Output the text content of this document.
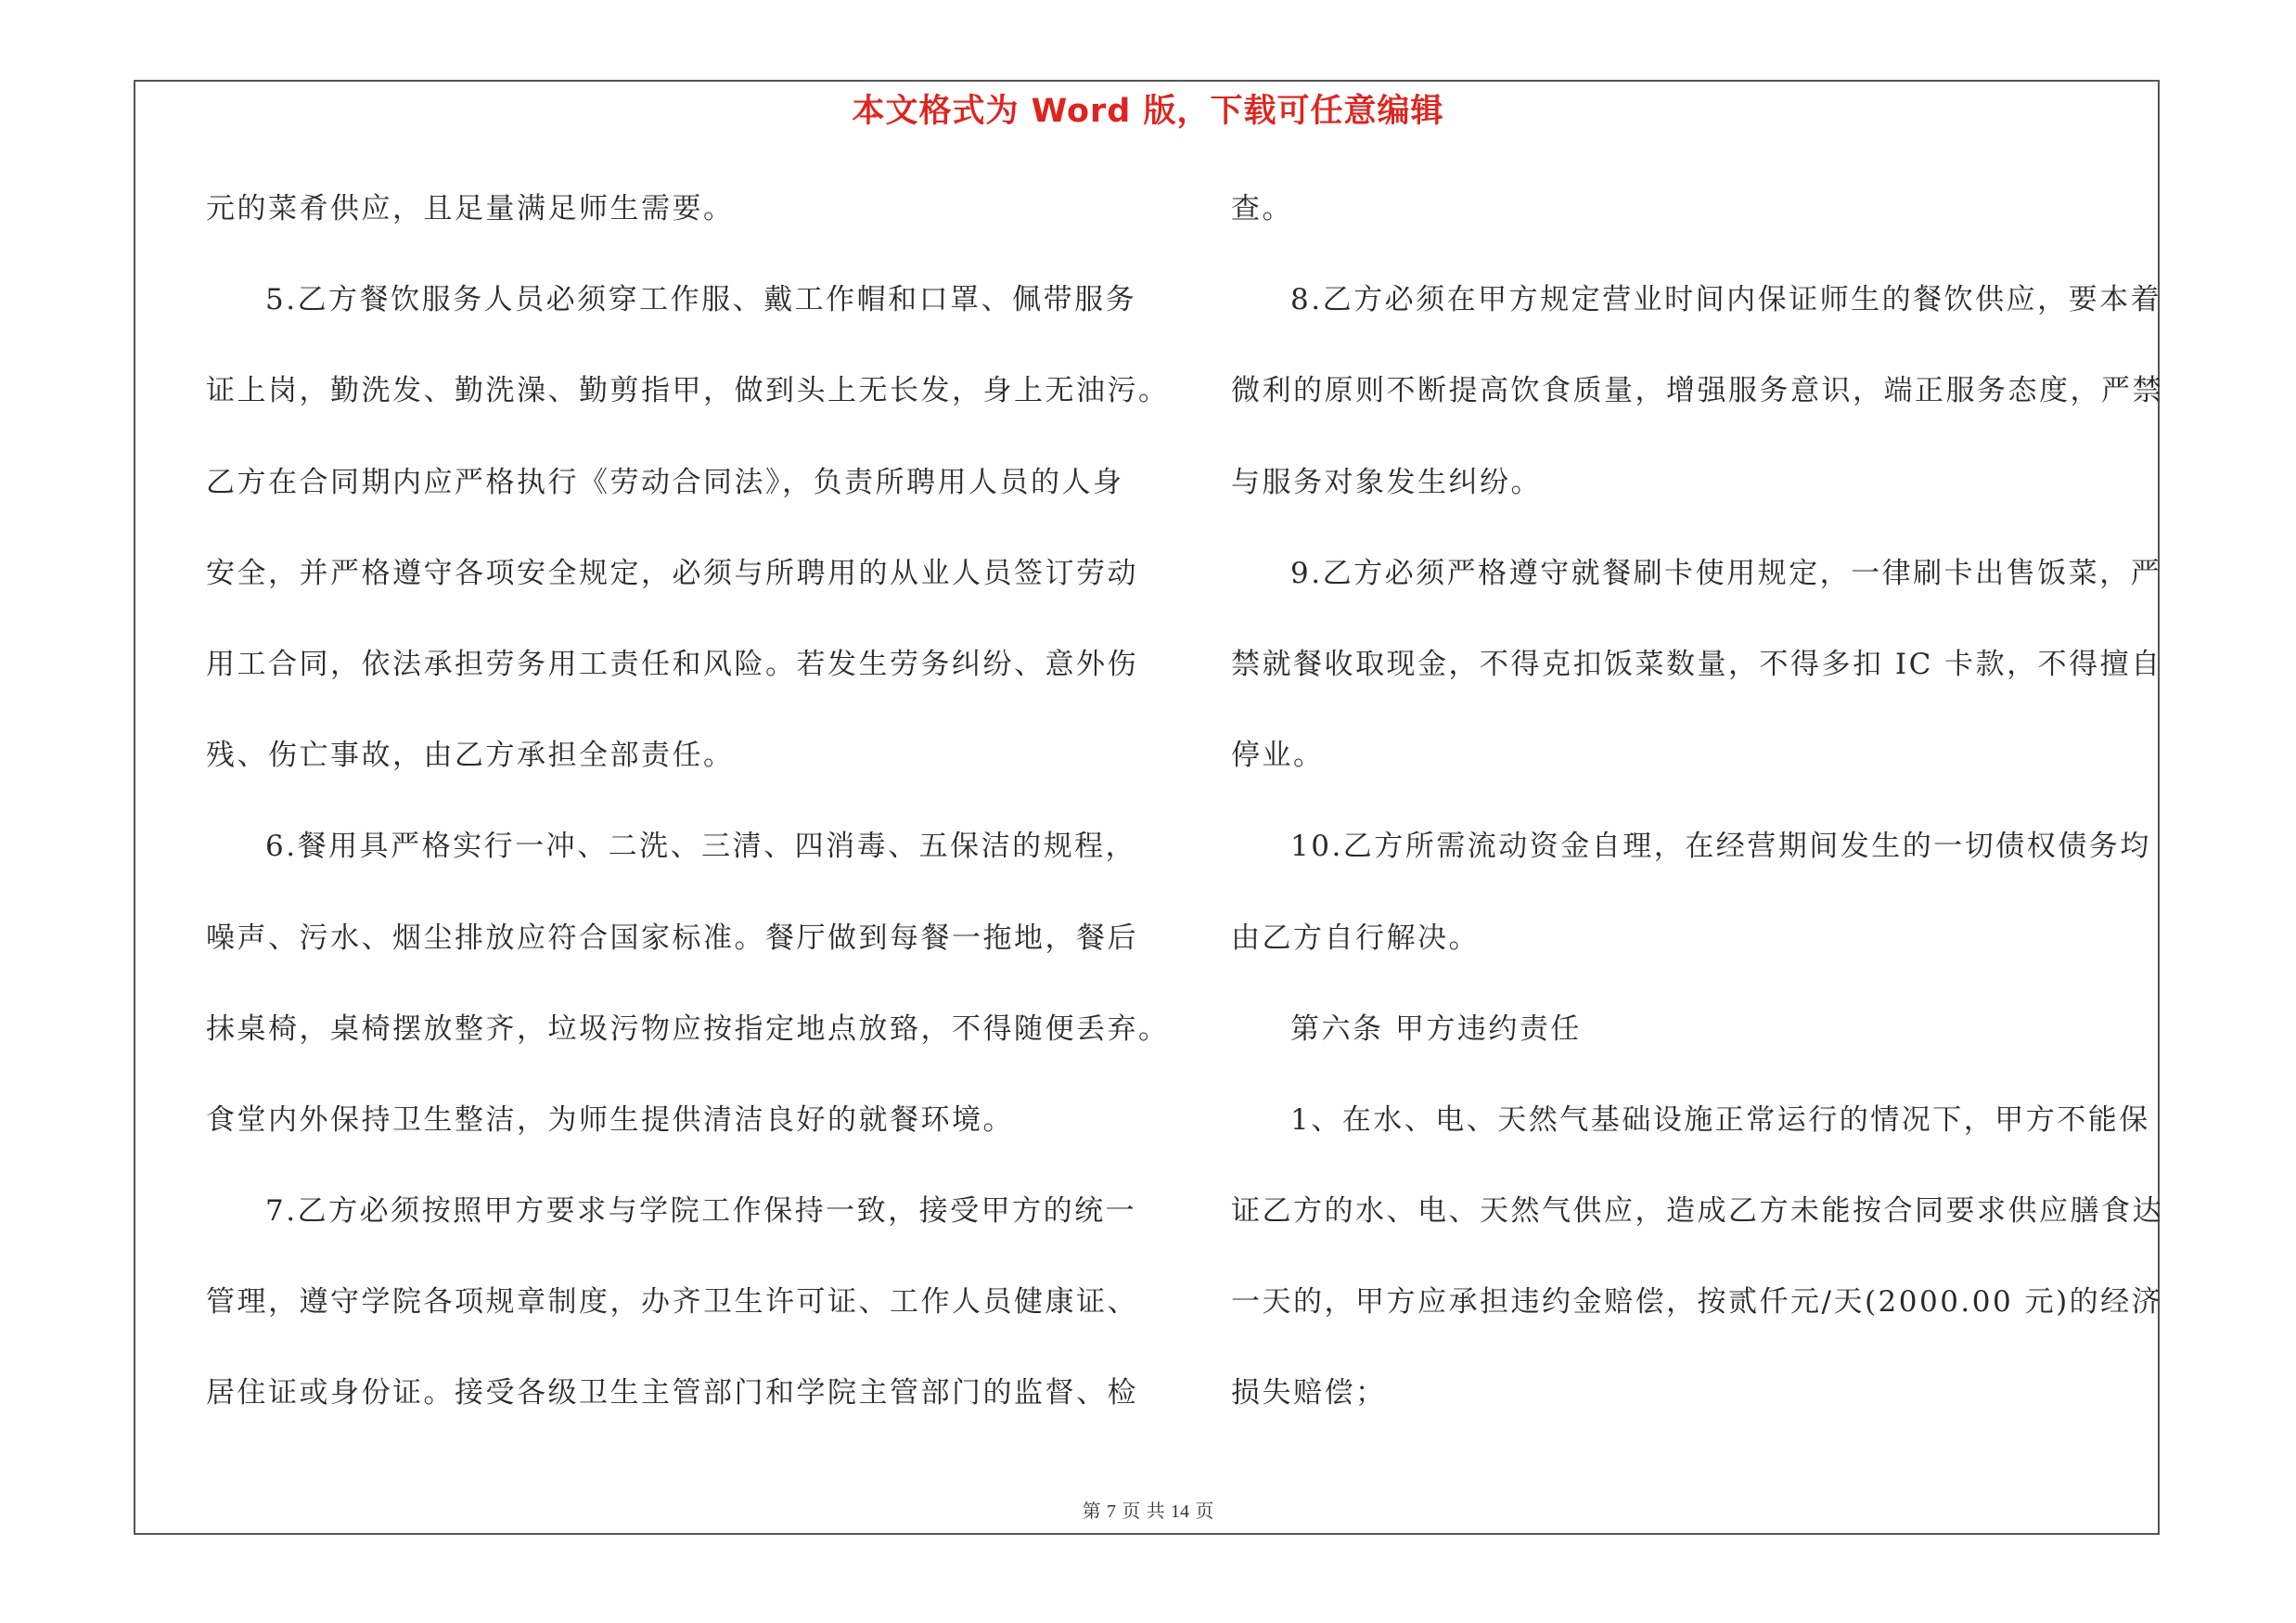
本文格式为 Word 版，下载可任意编辑
元的菜肴供应，且足量满足师生需要。
5.乙方餐饮服务人员必须穿工作服、戴工作帽和口罩、佩带服务
证上岗，勤洗发、勤洗澡、勤剪指甲，做到头上无长发，身上无油污。
乙方在合同期内应严格执行《劳动合同法》，负责所聘用人员的人身
安全，并严格遵守各项安全规定，必须与所聘用的从业人员签订劳动
用工合同，依法承担劳务用工责任和风险。若发生劳务纠纷、意外伤
残、伤亡事故，由乙方承担全部责任。
6.餐用具严格实行一冲、二洗、三清、四消毒、五保洁的规程，
噪声、污水、烟尘排放应符合国家标准。餐厅做到每餐一拖地，餐后
抹桌椅，桌椅摆放整齐，垃圾污物应按指定地点放臵，不得随便丢弃。
食堂内外保持卫生整洁，为师生提供清洁良好的就餐环境。
7.乙方必须按照甲方要求与学院工作保持一致，接受甲方的统一
管理，遵守学院各项规章制度，办齐卫生许可证、工作人员健康证、
居住证或身份证。接受各级卫生主管部门和学院主管部门的监督、检
查。
8.乙方必须在甲方规定营业时间内保证师生的餐饮供应，要本着
微利的原则不断提高饮食质量，增强服务意识，端正服务态度，严禁
与服务对象发生纠纷。
9.乙方必须严格遵守就餐刷卡使用规定，一律刷卡出售饭菜，严
禁就餐收取现金，不得克扣饭菜数量，不得多扣 IC 卡款，不得擅自
停业。
10.乙方所需流动资金自理，在经营期间发生的一切债权债务均
由乙方自行解决。
第六条 甲方违约责任
1、在水、电、天然气基础设施正常运行的情况下，甲方不能保
证乙方的水、电、天然气供应，造成乙方未能按合同要求供应膳食达
一天的，甲方应承担违约金赔偿，按贰仟元/天(2000.00 元)的经济
损失赔偿；
第 7 页 共 14 页
